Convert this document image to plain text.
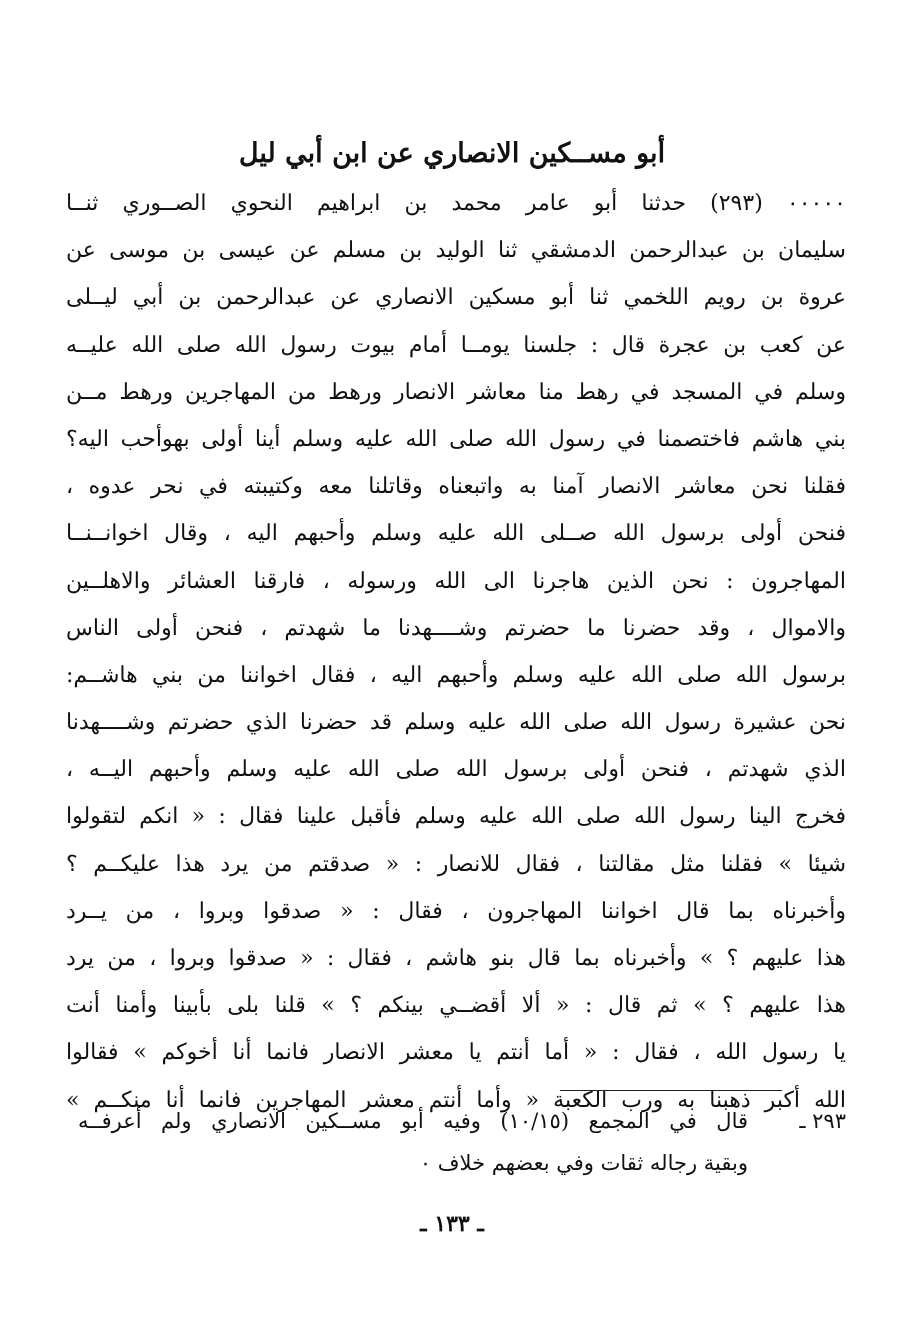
أبو مســكين الانصاري عن ابن أبي ليل
٠٠٠٠٠ (٢٩٣) حدثنا أبو عامر محمد بن ابراهيم النحوي الصــوري ثنــا
سليمان بن عبدالرحمن الدمشقي ثنا الوليد بن مسلم عن عيسى بن موسى عن
عروة بن رويم اللخمي ثنا أبو مسكين الانصاري عن عبدالرحمن بن أبي ليــلى
عن كعب بن عجرة قال : جلسنا يومــا أمام بيوت رسول الله صلى الله عليــه
وسلم في المسجد في رهط منا معاشر الانصار ورهط من المهاجرين ورهط مــن
بني هاشم فاختصمنا في رسول الله صلى الله عليه وسلم أينا أولى بهوأحب اليه؟
فقلنا نحن معاشر الانصار آمنا به واتبعناه وقاتلنا معه وكتيبته في نحر عدوه ،
فنحن أولى برسول الله صــلى الله عليه وسلم وأحبهم اليه ، وقال اخوانــنــا
المهاجرون : نحن الذين هاجرنا الى الله ورسوله ، فارقنا العشائر والاهلــين
والاموال ، وقد حضرنا ما حضرتم وشــــهدنا ما شهدتم ، فنحن أولى الناس
برسول الله صلى الله عليه وسلم وأحبهم اليه ، فقال اخواننا من بني هاشــم:
نحن عشيرة رسول الله صلى الله عليه وسلم قد حضرنا الذي حضرتم وشــــهدنا
الذي شهدتم ، فنحن أولى برسول الله صلى الله عليه وسلم وأحبهم اليــه ،
فخرج الينا رسول الله صلى الله عليه وسلم فأقبل علينا فقال : « انكم لتقولوا
شيئا » فقلنا مثل مقالتنا ، فقال للانصار : « صدقتم من يرد هذا عليكــم ؟
وأخبرناه بما قال اخواننا المهاجرون ، فقال : « صدقوا وبروا ، من يــرد
هذا عليهم ؟ » وأخبرناه بما قال بنو هاشم ، فقال : « صدقوا وبروا ، من يرد
هذا عليهم ؟ » ثم قال : « ألا أقضــي بينكم ؟ » قلنا بلى بأبينا وأمنا أنت
يا رسول الله ، فقال : « أما أنتم يا معشر الانصار فانما أنا أخوكم » فقالوا
الله أكبر ذهبنا به ورب الكعبة « وأما أنتم معشر المهاجرين فانما أنا منكــم »
٢٩٣ ـقال في المجمع (١٠/١٥) وفيه أبو مســكين الانصاري ولم أعرفــه
وبقية رجاله ثقات وفي بعضهم خلاف ٠
ـ ١٣٣ ـ
